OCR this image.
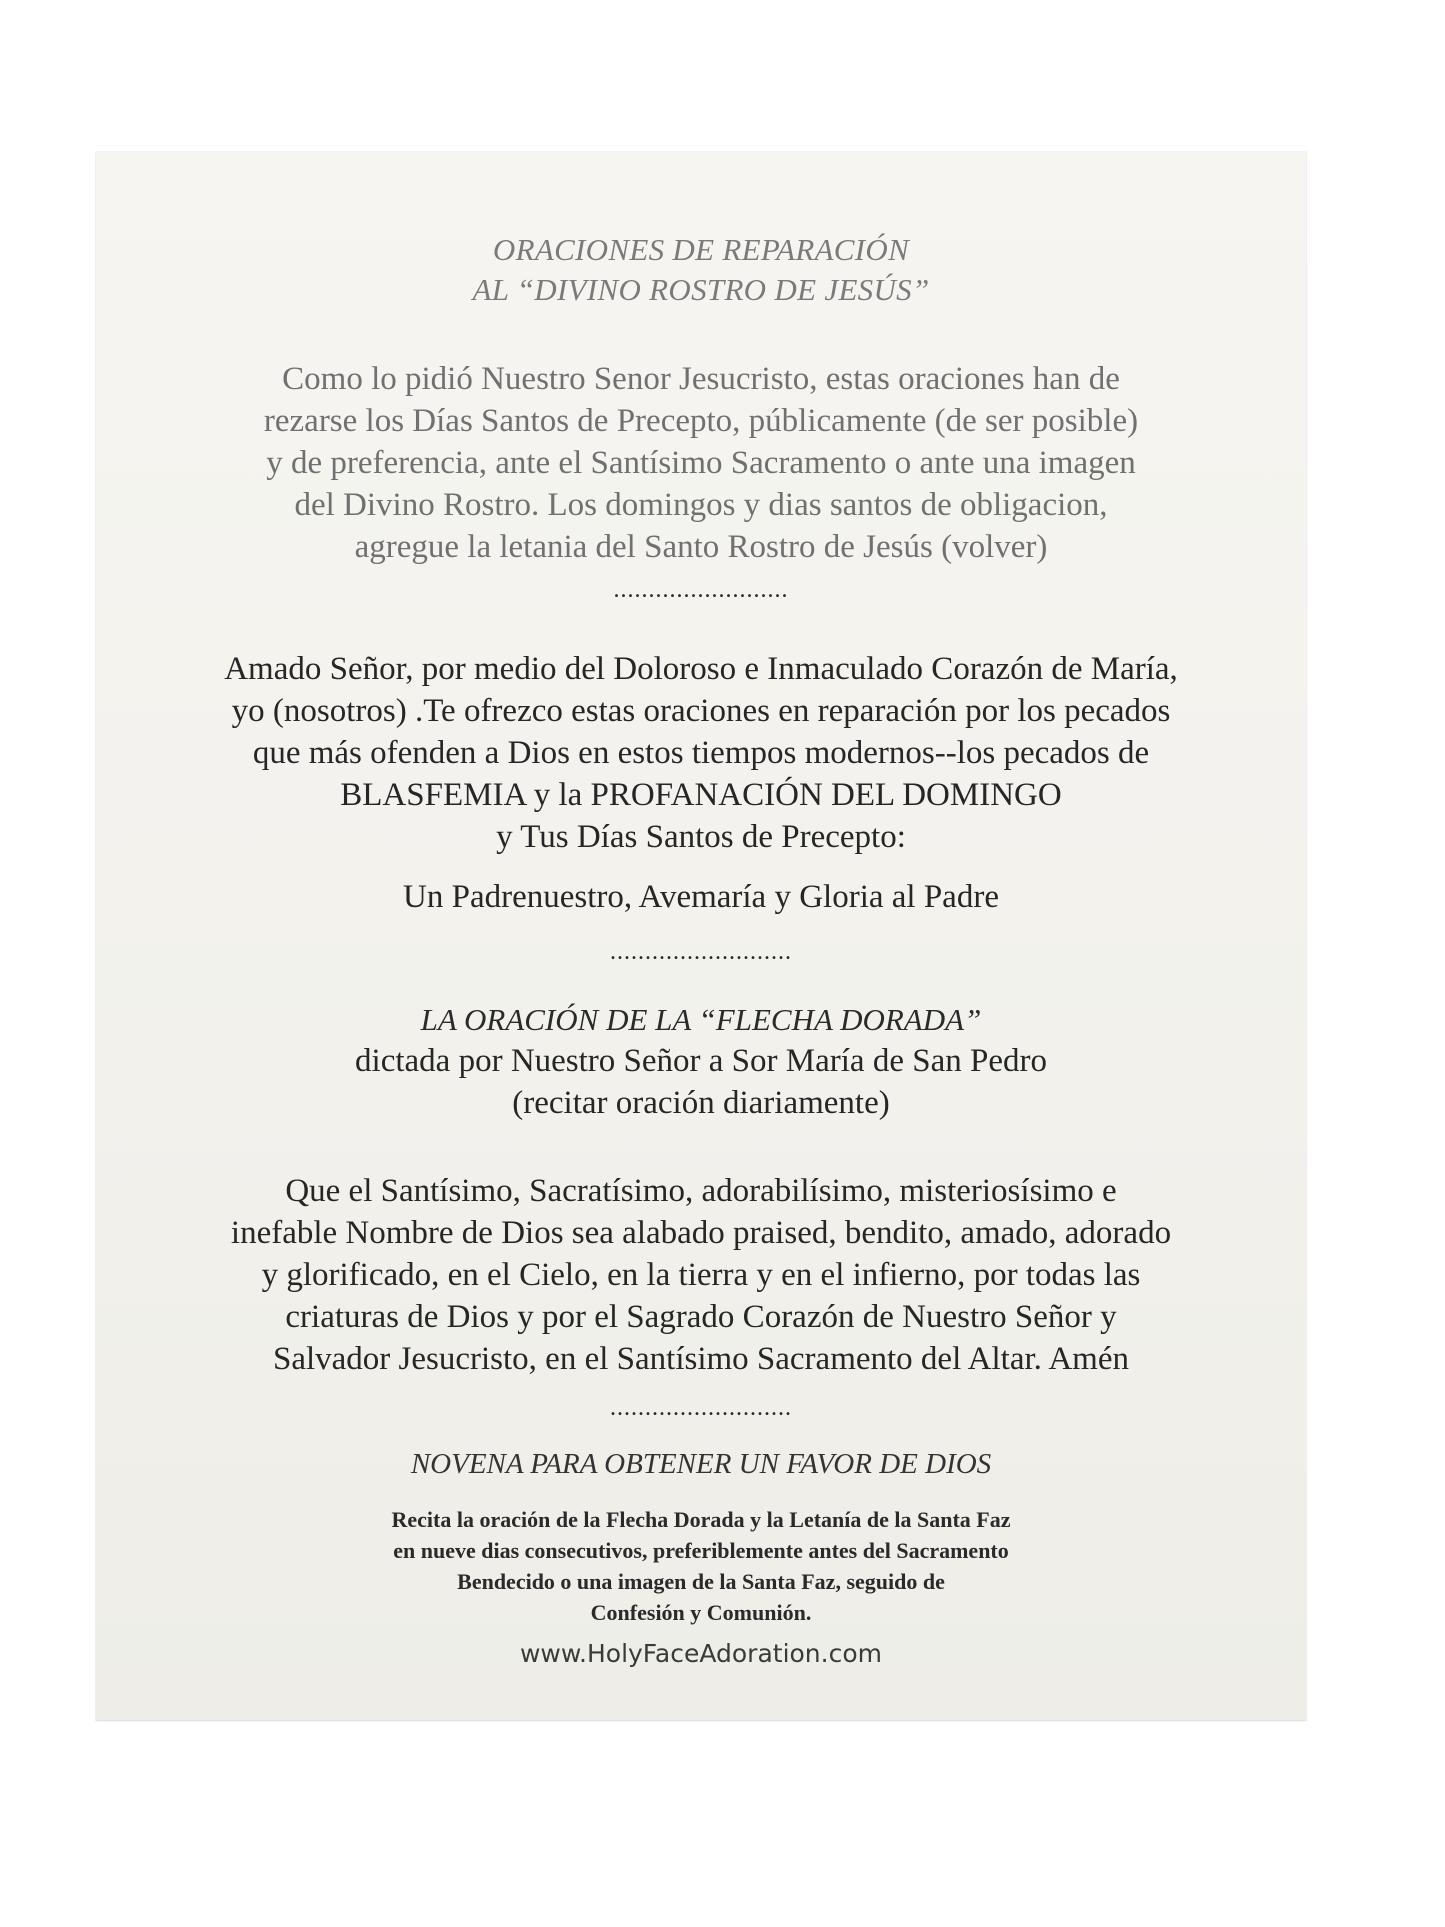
ORACIONES DE REPARACIÓN
AL “DIVINO ROSTRO DE JESÚS”
Como lo pidió Nuestro Senor Jesucristo, estas oraciones han de
rezarse los Días Santos de Precepto, públicamente (de ser posible)
y de preferencia, ante el Santísimo Sacramento o ante una imagen
del Divino Rostro. Los domingos y dias santos de obligacion,
agregue la letania del Santo Rostro de Jesús (volver)
.........................
Amado Señor, por medio del Doloroso e Inmaculado Corazón de María,
yo (nosotros) .Te ofrezco estas oraciones en reparación por los pecados
que más ofenden a Dios en estos tiempos modernos--los pecados de
BLASFEMIA y la PROFANACIÓN DEL DOMINGO
y Tus Días Santos de Precepto:
Un Padrenuestro, Avemaría y Gloria al Padre
..........................
LA ORACIÓN DE LA “FLECHA DORADA”
dictada por Nuestro Señor a Sor María de San Pedro
(recitar oración diariamente)
Que el Santísimo, Sacratísimo, adorabilísimo, misteriosísimo e
inefable Nombre de Dios sea alabado praised, bendito, amado, adorado
y glorificado, en el Cielo, en la tierra y en el infierno, por todas las
criaturas de Dios y por el Sagrado Corazón de Nuestro Señor y
Salvador Jesucristo, en el Santísimo Sacramento del Altar. Amén
..........................
NOVENA PARA OBTENER UN FAVOR DE DIOS
Recita la oración de la Flecha Dorada y la Letanía de la Santa Faz
en nueve dias consecutivos, preferiblemente antes del Sacramento
Bendecido o una imagen de la Santa Faz, seguido de
Confesión y Comunión.
www.HolyFaceAdoration.com
